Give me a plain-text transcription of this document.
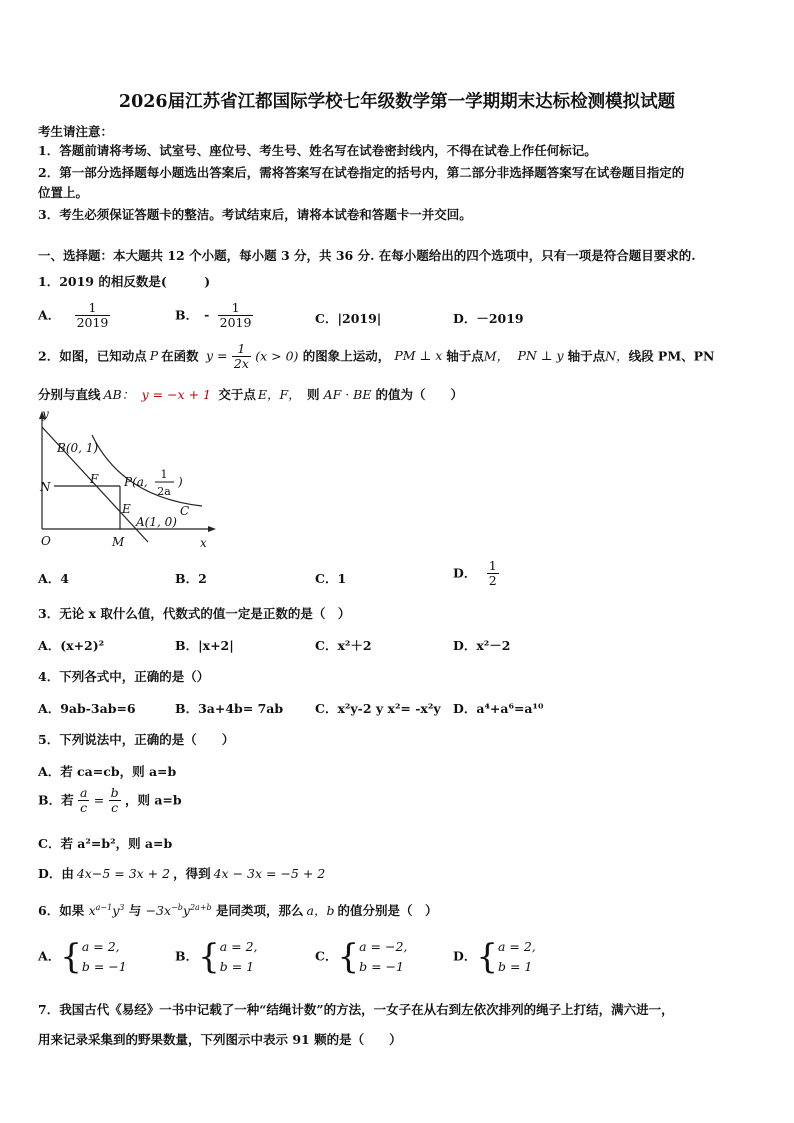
2026届江苏省江都国际学校七年级数学第一学期期末达标检测模拟试题
考生请注意：
1．答题前请将考场、试室号、座位号、考生号、姓名写在试卷密封线内，不得在试卷上作任何标记。
2．第一部分选择题每小题选出答案后，需将答案写在试卷指定的括号内，第二部分非选择题答案写在试卷题目指定的
位置上。
3．考生必须保证答题卡的整洁。考试结束后，请将本试卷和答题卡一并交回。
一、选择题：本大题共 12 个小题，每小题 3 分，共 36 分. 在每小题给出的四个选项中，只有一项是符合题目要求的.
1．2019 的相反数是(　　　)
A． $\frac{1}{2019}$	B． - $\frac{1}{2019}$	C．|2019|	D．－2019
2．如图，已知动点 P 在函数 $y = \frac{1}{2x} (x > 0)$ 的图象上运动， PM ⊥ x 轴于点M， PN ⊥ y 轴于点N，线段 PM、PN
分别与直线 AB： y = −x + 1 交于点 E，F， 则 AF · BE 的值为（　　）
y
x
O
B(0, 1)
N
F P(a,
1
2a
)
E
A(1, 0)
C
M
A．4	B．2	C．1	D． $\frac{1}{2}$
3．无论 x 取什么值，代数式的值一定是正数的是（　）
A．(x+2)²	B．|x+2|	C．x²＋2	D．x²－2
4．下列各式中，正确的是（）
A．9ab-3ab=6	B．3a+4b= 7ab	C．x²y-2 y x²= -x²y D．a⁴+a⁶=a¹⁰
5．下列说法中，正确的是（　　）
A．若 ca=cb，则 a=b
B．若 $\frac{a}{c} = \frac{b}{c}$ ，则 a=b
C．若 a²=b²，则 a=b
D．由 4x−5 = 3x + 2 ，得到 4x − 3x = −5 + 2
6．如果 $x^{a-1}y^3$ 与 $-3x^{-b}y^{2a+b}$ 是同类项，那么 a，b 的值分别是（　）
A．{a = 2,
b = −1
B．{a = 2,
b = 1
C．{a = −2,
b = −1
D．{a = 2,
b = 1
7．我国古代《易经》一书中记载了一种“结绳计数”的方法，一女子在从右到左依次排列的绳子上打结，满六进一，
用来记录采集到的野果数量，下列图示中表示 91 颗的是（　　）
